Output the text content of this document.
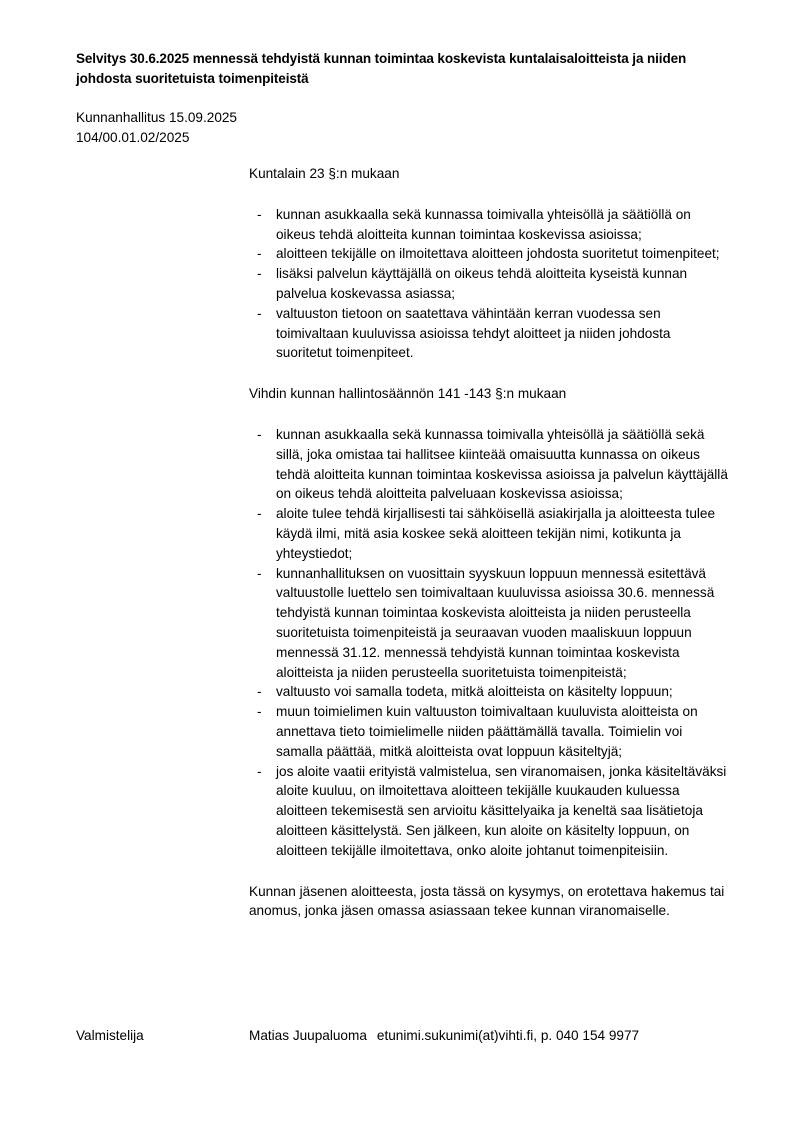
Selvitys 30.6.2025 mennessä tehdyistä kunnan toimintaa koskevista kuntalaisaloitteista ja niiden johdosta suoritetuista toimenpiteistä
Kunnanhallitus 15.09.2025
104/00.01.02/2025

Kuntalain 23 §:n mukaan

- kunnan asukkaalla sekä kunnassa toimivalla yhteisöllä ja säätiöllä on oikeus tehdä aloitteita kunnan toimintaa koskevissa asioissa;
- aloitteen tekijälle on ilmoitettava aloitteen johdosta suoritetut toimenpiteet;
- lisäksi palvelun käyttäjällä on oikeus tehdä aloitteita kyseistä kunnan palvelua koskevassa asiassa;
- valtuuston tietoon on saatettava vähintään kerran vuodessa sen toimivaltaan kuuluvissa asioissa tehdyt aloitteet ja niiden johdosta suoritetut toimenpiteet.

Vihdin kunnan hallintosäännön 141 -143 §:n mukaan

- kunnan asukkaalla sekä kunnassa toimivalla yhteisöllä ja säätiöllä sekä sillä, joka omistaa tai hallitsee kiinteää omaisuutta kunnassa on oikeus tehdä aloitteita kunnan toimintaa koskevissa asioissa ja palvelun käyttäjällä on oikeus tehdä aloitteita palveluaan koskevissa asioissa;
- aloite tulee tehdä kirjallisesti tai sähköisellä asiakirjalla ja aloitteesta tulee käydä ilmi, mitä asia koskee sekä aloitteen tekijän nimi, kotikunta ja yhteystiedot;
- kunnanhallituksen on vuosittain syyskuun loppuun mennessä esitettävä valtuustolle luettelo sen toimivaltaan kuuluvissa asioissa 30.6. mennessä tehdyistä kunnan toimintaa koskevista aloitteista ja niiden perusteella suoritetuista toimenpiteistä ja seuraavan vuoden maaliskuun loppuun mennessä 31.12. mennessä tehdyistä kunnan toimintaa koskevista aloitteista ja niiden perusteella suoritetuista toimenpiteistä;
- valtuusto voi samalla todeta, mitkä aloitteista on käsitelty loppuun;
- muun toimielimen kuin valtuuston toimivaltaan kuuluvista aloitteista on annettava tieto toimielimelle niiden päättämällä tavalla. Toimielin voi samalla päättää, mitkä aloitteista ovat loppuun käsiteltyjä;
- jos aloite vaatii erityistä valmistelua, sen viranomaisen, jonka käsiteltäväksi aloite kuuluu, on ilmoitettava aloitteen tekijälle kuukauden kuluessa aloitteen tekemisestä sen arvioitu käsittelyaika ja keneltä saa lisätietoja aloitteen käsittelystä. Sen jälkeen, kun aloite on käsitelty loppuun, on aloitteen tekijälle ilmoitettava, onko aloite johtanut toimenpiteisiin.

Kunnan jäsenen aloitteesta, josta tässä on kysymys, on erotettava hakemus tai anomus, jonka jäsen omassa asiassaan tekee kunnan viranomaiselle.

Valmistelija	Matias Juupaluoma etunimi.sukunimi(at)vihti.fi, p. 040 154 9977
